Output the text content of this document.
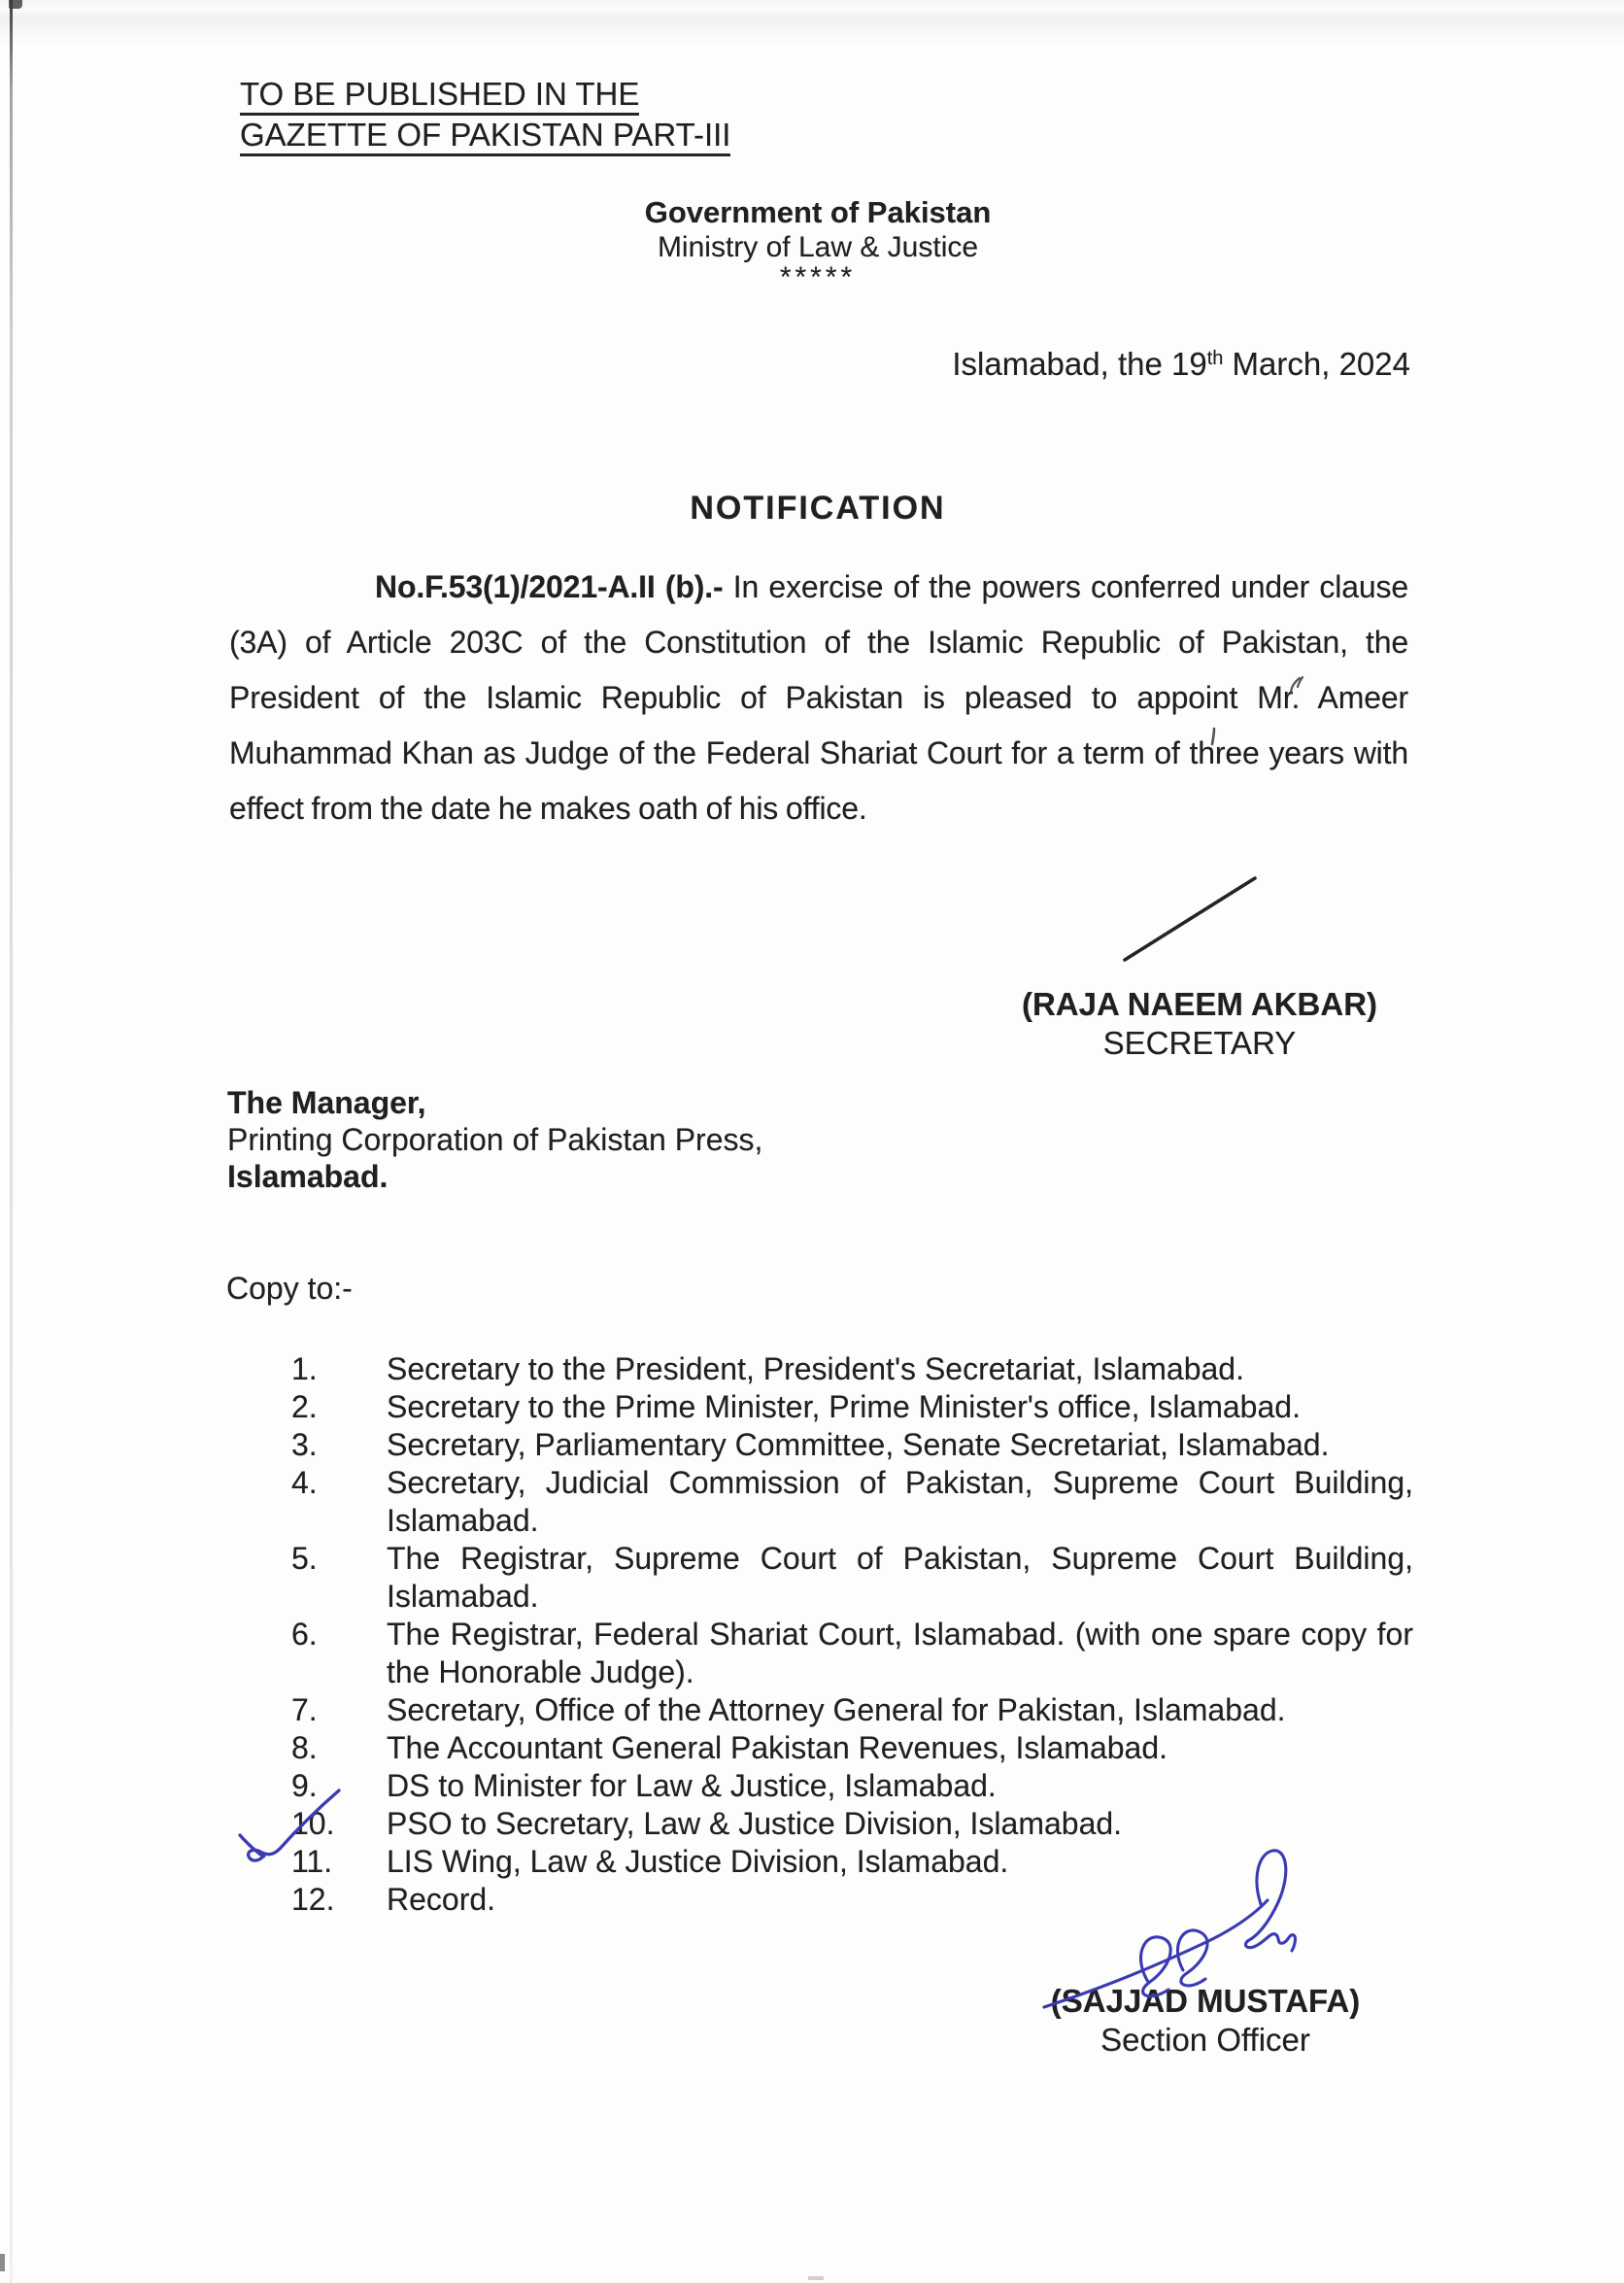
TO BE PUBLISHED IN THE
GAZETTE OF PAKISTAN PART-III
Government of Pakistan
Ministry of Law & Justice
*****
Islamabad, the 19th March, 2024
NOTIFICATION

No.F.53(1)/2021-A.II (b).- In exercise of the powers conferred under clause (3A) of Article 203C of the Constitution of the Islamic Republic of Pakistan, the President of the Islamic Republic of Pakistan is pleased to appoint Mr. Ameer Muhammad Khan as Judge of the Federal Shariat Court for a term of three years with effect from the date he makes oath of his office.

(RAJA NAEEM AKBAR)
SECRETARY
The Manager,
Printing Corporation of Pakistan Press,
Islamabad.
Copy to:-
1.	Secretary to the President, President's Secretariat, Islamabad.
2.	Secretary to the Prime Minister, Prime Minister's office, Islamabad.
3.	Secretary, Parliamentary Committee, Senate Secretariat, Islamabad.
4.	Secretary, Judicial Commission of Pakistan, Supreme Court Building, Islamabad.
5.	The Registrar, Supreme Court of Pakistan, Supreme Court Building, Islamabad.
6.	The Registrar, Federal Shariat Court, Islamabad. (with one spare copy for the Honorable Judge).
7.	Secretary, Office of the Attorney General for Pakistan, Islamabad.
8.	The Accountant General Pakistan Revenues, Islamabad.
9.	DS to Minister for Law & Justice, Islamabad.
10.	PSO to Secretary, Law & Justice Division, Islamabad.
11.	LIS Wing, Law & Justice Division, Islamabad.
12.	Record.
(SAJJAD MUSTAFA)
Section Officer
